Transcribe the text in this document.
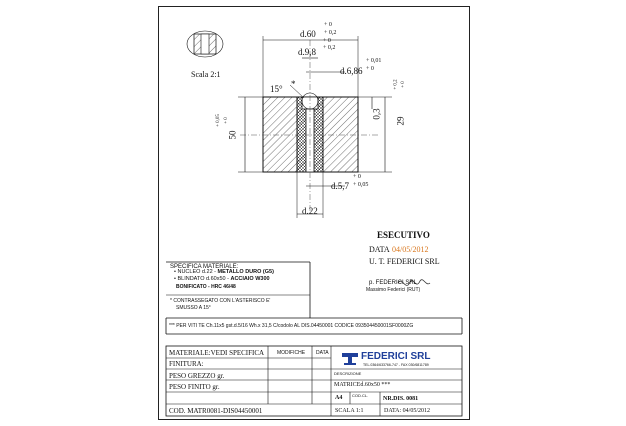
Scala 2:1
d.60
+ 0
+ 0,2
d.9,8
+ 0
+ 0,2
d.6,86
+ 0,01
+ 0
15° *
50
+ 0,05 + 0
0,3
+ 0,2 + 0
29
d.5,7
+ 0
+ 0,05
d.22
ESECUTIVO
DATA 04/05/2012
U. T. FEDERICI SRL
p. FEDERICI SRL
Massimo Federici (RUT)
SPECIFICA MATERIALE:
• NUCLEO d.22 - METALLO DURO (G5)
• BLINDATO d.60x50 - ACCIAIO W300
BONIFICATO - HRC 46/48
* CONTRASSEGATO CON L'ASTERISCO E'
SMUSSO A 15°
*** PER VITI TE Ch.11x5 gst.d.5/16 Wh.x 31,5 C/codolo AL DIS.04450001 CODICE 093504450001SF0000ZG
MATERIALE:VEDI SPECIFICA	MODIFICHE DATA
FINITURA:
PESO GREZZO gr.
PESO FINITO gr.
COD. MATR0081-DIS04450001
FEDERICI SRL
TEL.0364/633766-747 - FAX 030/6811789
DESCRIZIONE
MATRICEd.60x50 ***
A4 COD.CL.
NR.DIS. 0081
SCALA 1:1	DATA: 04/05/2012
